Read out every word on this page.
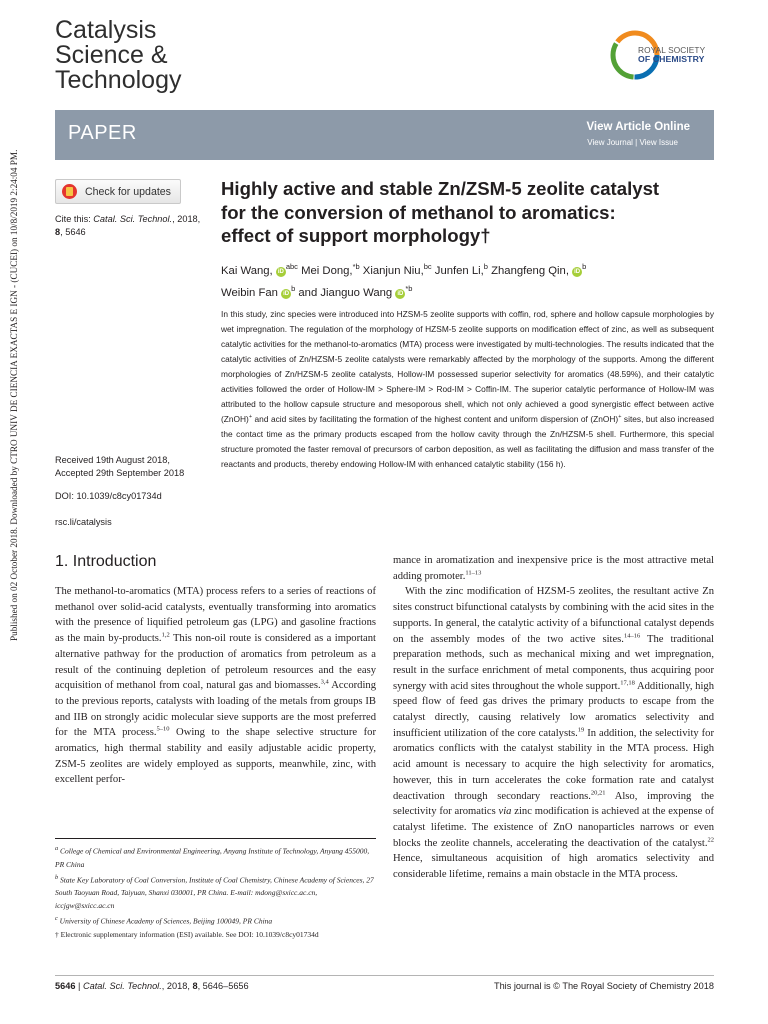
Published on 02 October 2018. Downloaded by CTRO UNIV DE CIENCIA EXACTAS E IGN - (CUCEI) on 10/8/2019 2:24:04 PM.
Catalysis
Science &
Technology
ROYAL SOCIETY
OF CHEMISTRY
PAPER	View Article Online
View Journal | View Issue
Check for updates
Cite this: Catal. Sci. Technol., 2018,
8, 5646
Received 19th August 2018,
Accepted 29th September 2018
DOI: 10.1039/c8cy01734d
rsc.li/catalysis
Highly active and stable Zn/ZSM-5 zeolite catalyst
for the conversion of methanol to aromatics:
effect of support morphology†
Kai Wang, $iD^{abc}$ Mei Dong,$^{*b}$ Xianjun Niu,$^{bc}$ Junfen Li,$^b$ Zhangfeng Qin, $iD^b$
Weibin Fan $iD^b$ and Jianguo Wang $iD^{*b}$
In this study, zinc species were introduced into HZSM-5 zeolite supports with coffin, rod, sphere and hollow capsule morphologies by wet impregnation. The regulation of the morphology of HZSM-5 zeolite supports on modification effect of zinc, as well as subsequent catalytic activities for the methanol-to-aromatics (MTA) process were investigated by multi-technologies. The results indicated that the catalytic activities of Zn/HZSM-5 zeolite catalysts were remarkably affected by the morphology of the supports. Among the different morphologies of Zn/HZSM-5 zeolite catalysts, Hollow-IM possessed superior selectivity for aromatics (48.59%), and their catalytic activities followed the order of Hollow-IM > Sphere-IM > Rod-IM > Coffin-IM. The superior catalytic performance of Hollow-IM was attributed to the hollow capsule structure and mesoporous shell, which not only achieved a good synergistic effect between active (ZnOH)+ and acid sites by facilitating the formation of the highest content and uniform dispersion of (ZnOH)+ sites, but also increased the contact time as the primary products escaped from the hollow cavity through the Zn/HZSM-5 shell. Furthermore, this special structure promoted the faster removal of precursors of carbon deposition, as well as facilitating the diffusion and mass transfer of the reactants and products, thereby endowing Hollow-IM with enhanced catalytic stability (156 h).
1. Introduction

The methanol-to-aromatics (MTA) process refers to a series of reactions of methanol over solid-acid catalysts, eventually transforming into aromatics with the presence of liquified petroleum gas (LPG) and gasoline fractions as the main by-products.$^{1,2}$ This non-oil route is considered as a important alternative pathway for the production of aromatics from petroleum as a result of the continuing depletion of petroleum resources and the easy acquisition of methanol from coal, natural gas and biomasses.$^{3,4}$ According to the previous reports, catalysts with loading of the metals from groups IB and IIB on strongly acidic molecular sieve supports are the most preferred for the MTA process.$^{5-10}$ Owing to the shape selective structure for aromatics, high thermal stability and easily adjustable acidic property, ZSM-5 zeolites are widely employed as supports, meanwhile, zinc, with excellent perfor-

mance in aromatization and inexpensive price is the most attractive metal adding promoter.$^{11-13}$

With the zinc modification of HZSM-5 zeolites, the resultant active Zn sites construct bifunctional catalysts by combining with the acid sites in the supports. In general, the catalytic activity of a bifunctional catalyst depends on the assembly modes of the two active sites.$^{14-16}$ The traditional preparation methods, such as mechanical mixing and wet impregnation, result in the surface enrichment of metal components, thus acquiring poor synergy with acid sites throughout the whole support.$^{17,18}$ Additionally, high speed flow of feed gas drives the primary products to escape from the catalyst directly, causing relatively low aromatics selectivity and insufficient utilization of the core catalysts.$^{19}$ In addition, the selectivity for aromatics conflicts with the catalyst stability in the MTA process. High acid amount is necessary to acquire the high selectivity for aromatics, however, this in turn accelerates the coke formation rate and catalyst deactivation through secondary reactions.$^{20,21}$ Also, improving the selectivity for aromatics via zinc modification is achieved at the expense of catalyst lifetime. The existence of ZnO nanoparticles narrows or even blocks the zeolite channels, accelerating the deactivation of the catalyst.$^{22}$ Hence, simultaneous acquisition of high aromatics selectivity and considerable lifetime, remains a main obstacle in the MTA process.

$^a$ College of Chemical and Environmental Engineering, Anyang Institute of Technology, Anyang 455000, PR China
$^b$ State Key Laboratory of Coal Conversion, Institute of Coal Chemistry, Chinese Academy of Sciences, 27 South Taoyuan Road, Taiyuan, Shanxi 030001, PR China. E-mail: mdong@sxicc.ac.cn, iccjgw@sxicc.ac.cn
$^c$ University of Chinese Academy of Sciences, Beijing 100049, PR China
† Electronic supplementary information (ESI) available. See DOI: 10.1039/c8cy01734d
5646 | Catal. Sci. Technol., 2018, 8, 5646–5656	This journal is © The Royal Society of Chemistry 2018
